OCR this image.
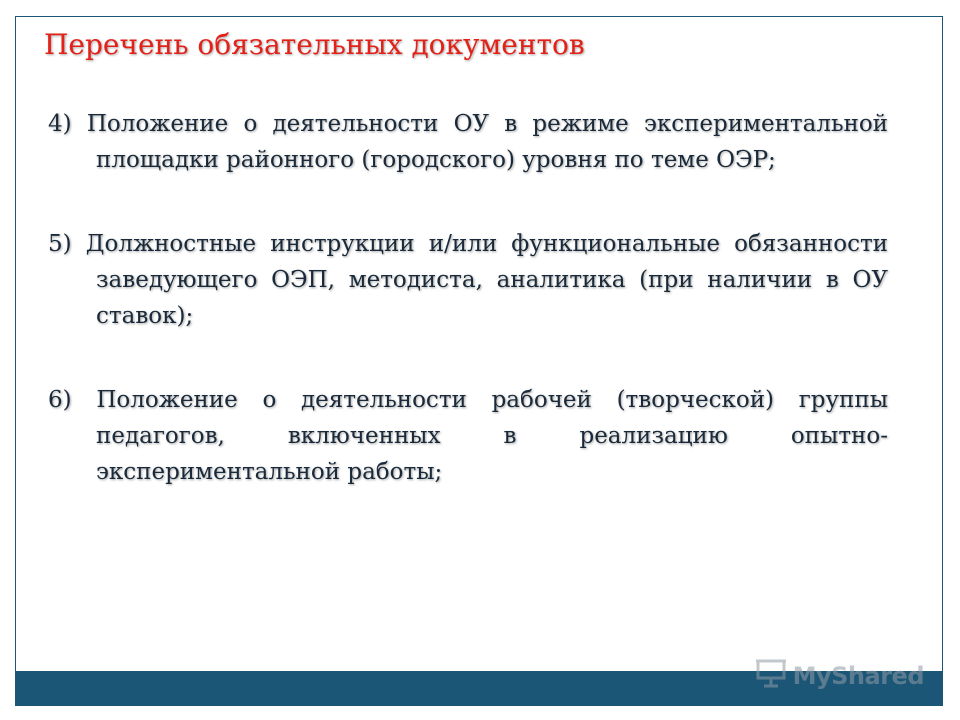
Перечень обязательных документов
4) Положение о деятельности ОУ в режиме экспериментальной площадки районного (городского) уровня по теме ОЭР;
5) Должностные инструкции и/или функциональные обязанности заведующего ОЭП, методиста, аналитика (при наличии в ОУ ставок);
6) Положение о деятельности рабочей (творческой) группы педагогов, включенных в реализацию опытно-экспериментальной работы;
MyShared
